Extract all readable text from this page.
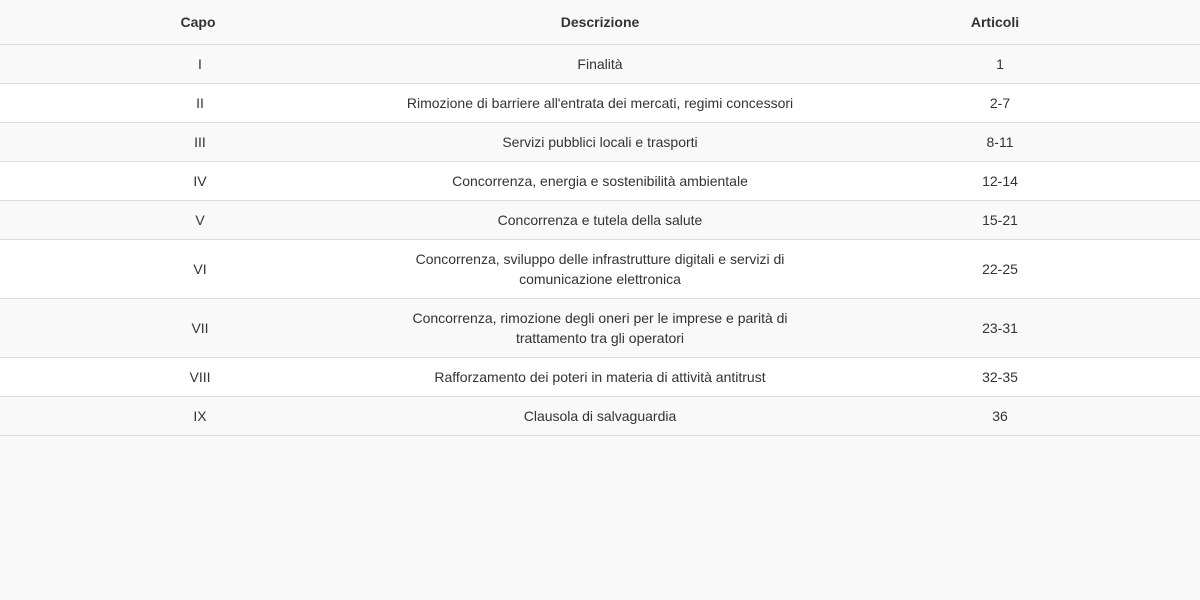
Capo	Descrizione	Articoli
I	Finalità	1
II	Rimozione di barriere all'entrata dei mercati, regimi concessori	2-7
III	Servizi pubblici locali e trasporti	8-11
IV	Concorrenza, energia e sostenibilità ambientale	12-14
V	Concorrenza e tutela della salute	15-21
VI	Concorrenza, sviluppo delle infrastrutture digitali e servizi di comunicazione elettronica	22-25
VII	Concorrenza, rimozione degli oneri per le imprese e parità di trattamento tra gli operatori	23-31
VIII	Rafforzamento dei poteri in materia di attività antitrust	32-35
IX	Clausola di salvaguardia	36
